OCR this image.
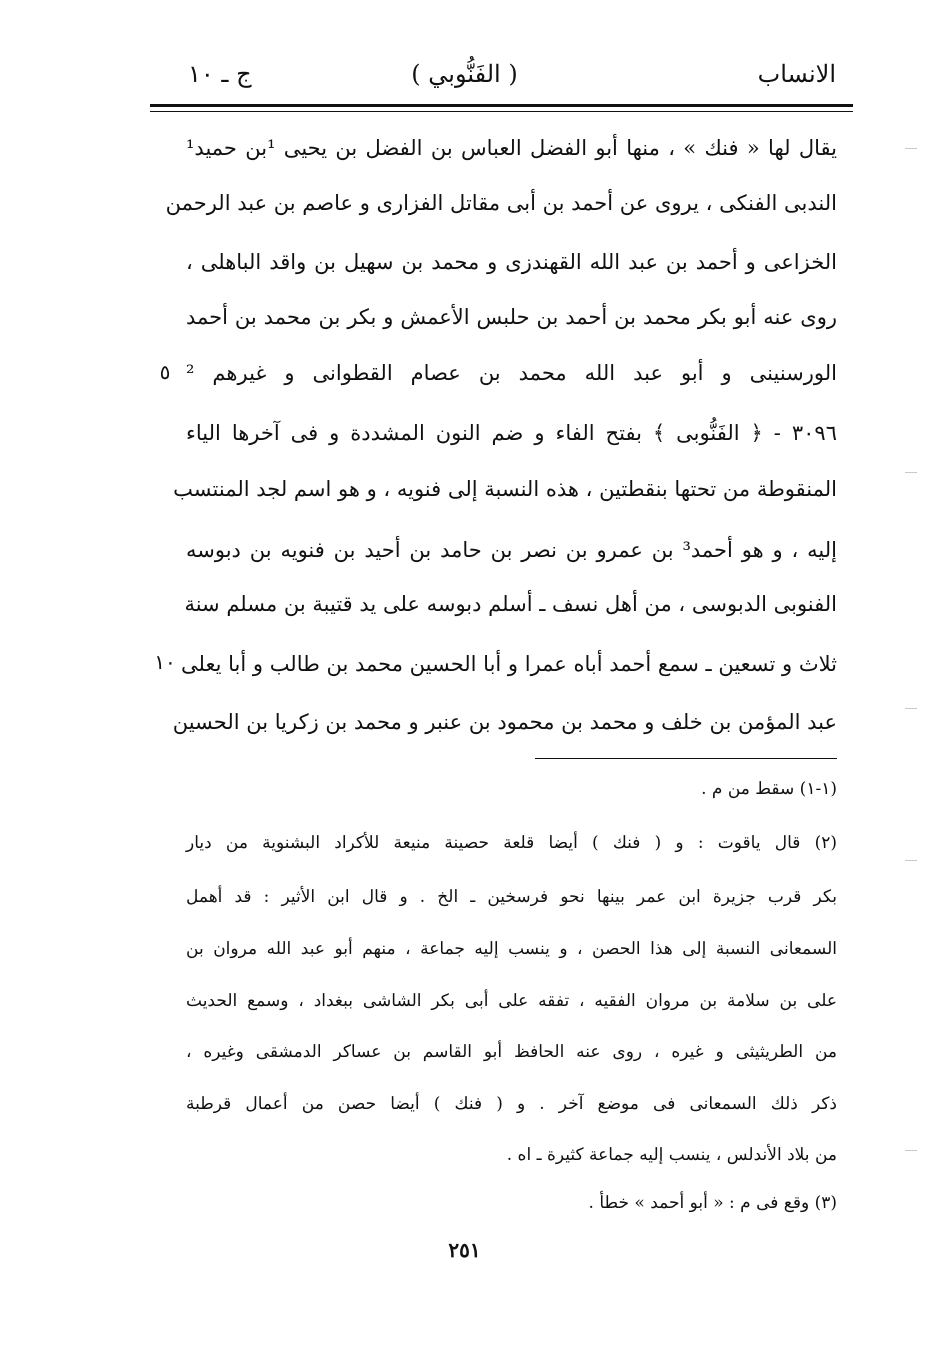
الانساب
( الفَنُّوبي )
ج ـ ١٠
يقال لها « فنك » ، منها أبو الفضل العباس بن الفضل بن يحيى ¹بن حميد¹
الندبى الفنكى ، يروى عن أحمد بن أبى مقاتل الفزارى و عاصم بن عبد الرحمن
الخزاعى و أحمد بن عبد الله القهندزى و محمد بن سهيل بن واقد الباهلى ،
روى عنه أبو بكر محمد بن أحمد بن حلبس الأعمش و بكر بن محمد بن أحمد
الورسنينى و أبو عبد الله محمد بن عصام القطوانى و غيرهم ²
٣٠٩٦ - ﴿ الفَنُّوبى ﴾ بفتح الفاء و ضم النون المشددة و فى آخرها الياء
المنقوطة من تحتها بنقطتين ، هذه النسبة إلى فنويه ، و هو اسم لجد المنتسب
إليه ، و هو أحمد³ بن عمرو بن نصر بن حامد بن أحيد بن فنويه بن دبوسه
الفنوبى الدبوسى ، من أهل نسف ـ أسلم دبوسه على يد قتيبة بن مسلم سنة
ثلاث و تسعين ـ سمع أحمد أباه عمرا و أبا الحسين محمد بن طالب و أبا يعلى
عبد المؤمن بن خلف و محمد بن محمود بن عنبر و محمد بن زكريا بن الحسين
٥
١٠
(١-١) سقط من م .
(٢) قال ياقوت : و ( فنك ) أيضا قلعة حصينة منيعة للأكراد البشنوية من ديار
بكر قرب جزيرة ابن عمر بينها نحو فرسخين ـ الخ . و قال ابن الأثير : قد أهمل
السمعانى النسبة إلى هذا الحصن ، و ينسب إليه جماعة ، منهم أبو عبد الله مروان بن
على بن سلامة بن مروان الفقيه ، تفقه على أبى بكر الشاشى ببغداد ، وسمع الحديث
من الطريثيثى و غيره ، روى عنه الحافظ أبو القاسم بن عساكر الدمشقى وغيره ،
ذكر ذلك السمعانى فى موضع آخر . و ( فنك ) أيضا حصن من أعمال قرطبة
من بلاد الأندلس ، ينسب إليه جماعة كثيرة ـ اه .
(٣) وقع فى م : « أبو أحمد » خطأ .
٢٥١
